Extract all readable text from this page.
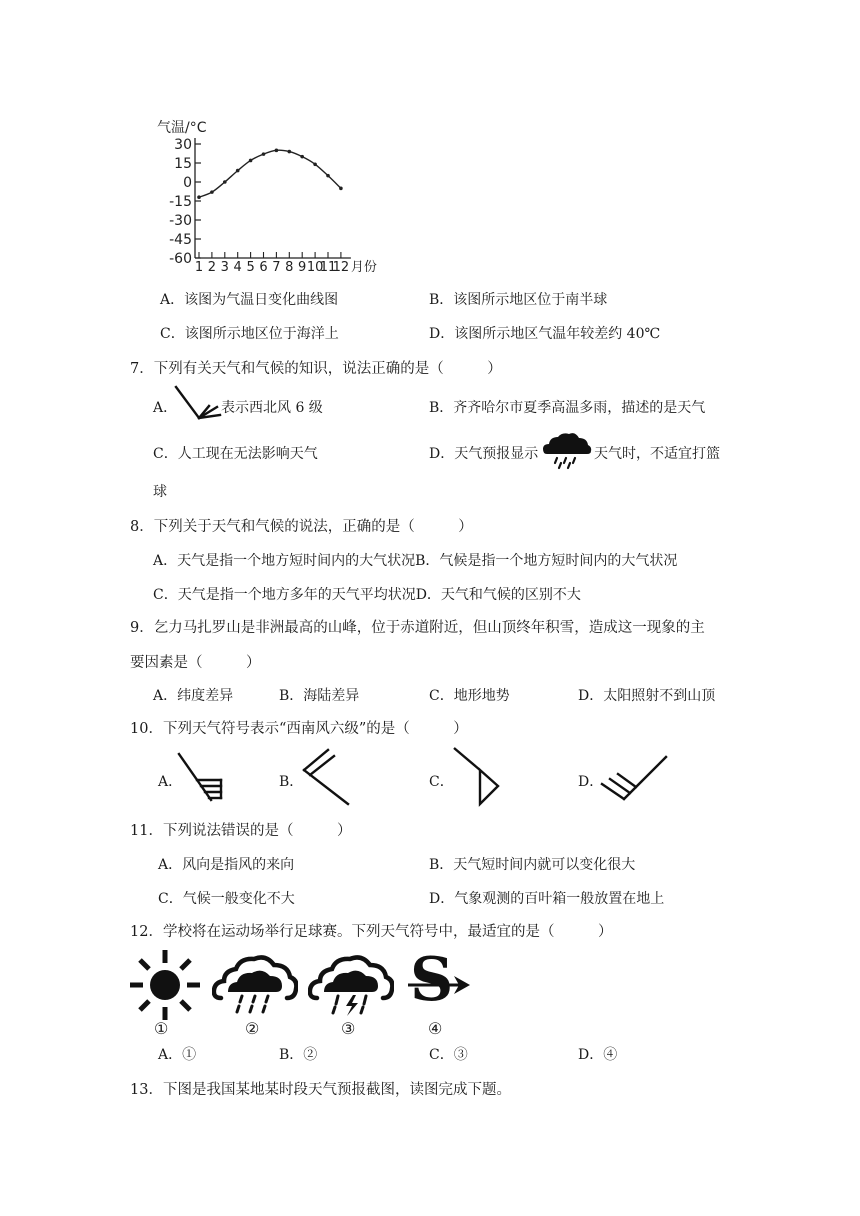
气温/°C
30
15
0
-15
-30
-45
-60
1 2 3 4 5 6 7 8 9 10
11
12 月份
A．该图为气温日变化曲线图	B．该图所示地区位于南半球
C．该图所示地区位于海洋上	D．该图所示地区气温年较差约 40℃
7．下列有关天气和气候的知识，说法正确的是（　　　）
A．	表示西北风 6 级	B．齐齐哈尔市夏季高温多雨，描述的是天气
C．人工现在无法影响天气	D．天气预报显示	天气时，不适宜打篮
球
8．下列关于天气和气候的说法，正确的是（　　　）
A．天气是指一个地方短时间内的大气状况B．气候是指一个地方短时间内的大气状况
C．天气是指一个地方多年的天气平均状况D．天气和气候的区别不大
9．乞力马扎罗山是非洲最高的山峰，位于赤道附近，但山顶终年积雪，造成这一现象的主
要因素是（　　　）
A．纬度差异	B．海陆差异	C．地形地势	D．太阳照射不到山顶
10．下列天气符号表示“西南风六级”的是（　　　）
A．	B．	C．	D．
11．下列说法错误的是（　　　）
A．风向是指风的来向	B．天气短时间内就可以变化很大
C．气候一般变化不大	D．气象观测的百叶箱一般放置在地上
12．学校将在运动场举行足球赛。下列天气符号中，最适宜的是（　　　）
S
①	②	③	④
A．①	B．②	C．③	D．④
13．下图是我国某地某时段天气预报截图，读图完成下题。
